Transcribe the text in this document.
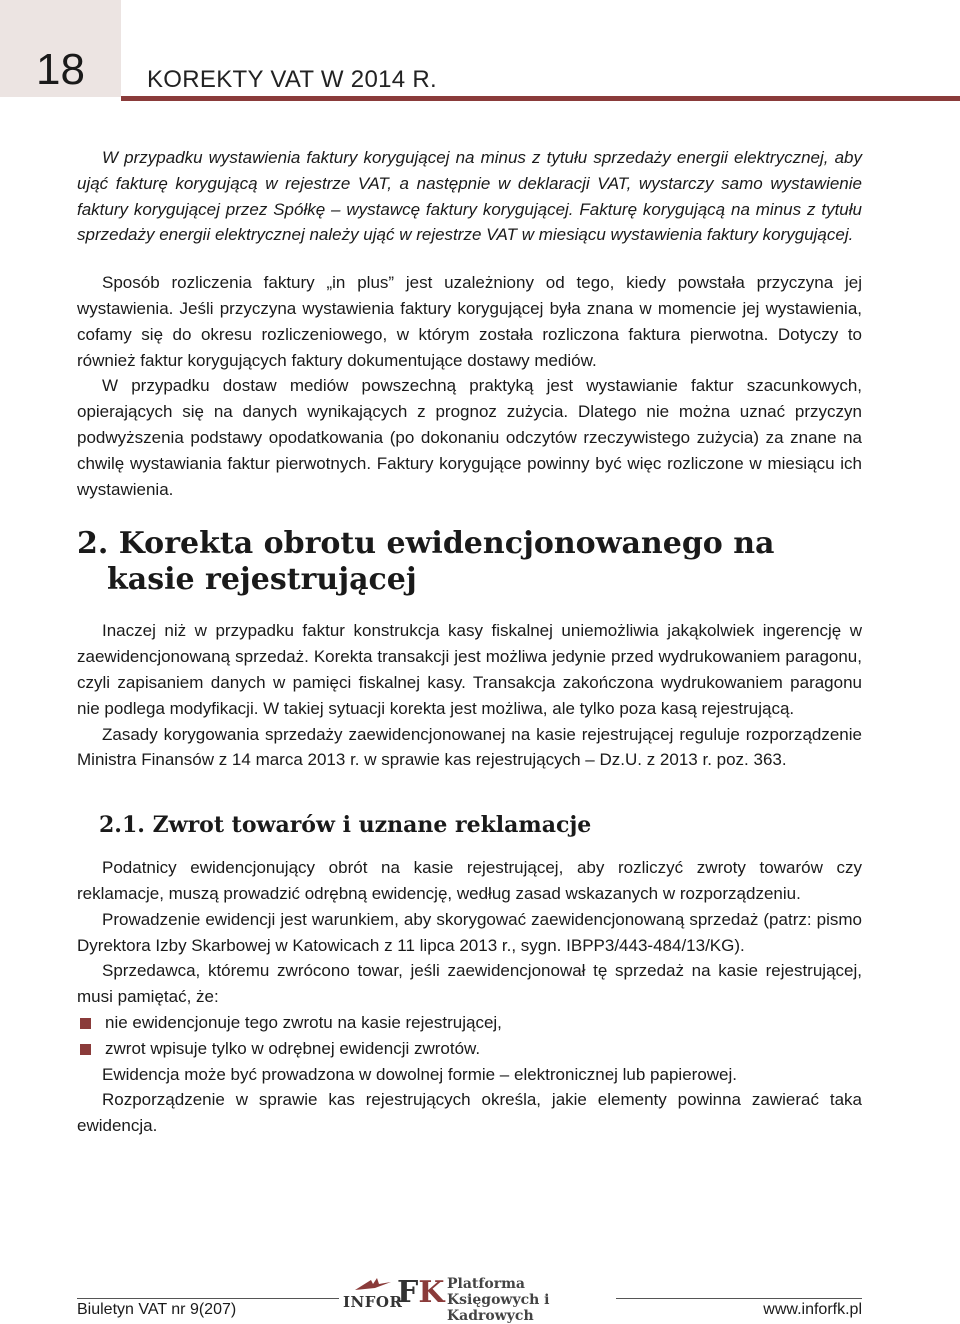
18	KOREKTY VAT W 2014 R.

W przypadku wystawienia faktury korygującej na minus z tytułu sprzedaży energii elektrycznej, aby ująć fakturę korygującą w rejestrze VAT, a następnie w deklaracji VAT, wystarczy samo wystawienie faktury korygującej przez Spółkę – wystawcę faktury korygującej. Fakturę korygującą na minus z tytułu sprzedaży energii elektrycznej należy ująć w rejestrze VAT w miesiącu wystawienia faktury korygującej.

Sposób rozliczenia faktury „in plus” jest uzależniony od tego, kiedy powstała przyczyna jej wystawienia. Jeśli przyczyna wystawienia faktury korygującej była znana w momencie jej wystawienia, cofamy się do okresu rozliczeniowego, w którym została rozliczona faktura pierwotna. Dotyczy to również faktur korygujących faktury dokumentujące dostawy mediów.

W przypadku dostaw mediów powszechną praktyką jest wystawianie faktur szacunkowych, opierających się na danych wynikających z prognoz zużycia. Dlatego nie można uznać przyczyn podwyższenia podstawy opodatkowania (po dokonaniu odczytów rzeczywistego zużycia) za znane na chwilę wystawiania faktur pierwotnych. Faktury korygujące powinny być więc rozliczone w miesiącu ich wystawienia.

2. Korekta obrotu ewidencjonowanego na kasie rejestrującej

Inaczej niż w przypadku faktur konstrukcja kasy fiskalnej uniemożliwia jakąkolwiek ingerencję w zaewidencjonowaną sprzedaż. Korekta transakcji jest możliwa jedynie przed wydrukowaniem paragonu, czyli zapisaniem danych w pamięci fiskalnej kasy. Transakcja zakończona wydrukowaniem paragonu nie podlega modyfikacji. W takiej sytuacji korekta jest możliwa, ale tylko poza kasą rejestrującą.

Zasady korygowania sprzedaży zaewidencjonowanej na kasie rejestrującej reguluje rozporządzenie Ministra Finansów z 14 marca 2013 r. w sprawie kas rejestrujących – Dz.U. z 2013 r. poz. 363.

2.1. Zwrot towarów i uznane reklamacje

Podatnicy ewidencjonujący obrót na kasie rejestrującej, aby rozliczyć zwroty towarów czy reklamacje, muszą prowadzić odrębną ewidencję, według zasad wskazanych w rozporządzeniu.

Prowadzenie ewidencji jest warunkiem, aby skorygować zaewidencjonowaną sprzedaż (patrz: pismo Dyrektora Izby Skarbowej w Katowicach z 11 lipca 2013 r., sygn. IBPP3/443-484/13/KG).

Sprzedawca, któremu zwrócono towar, jeśli zaewidencjonował tę sprzedaż na kasie rejestrującej, musi pamiętać, że:

nie ewidencjonuje tego zwrotu na kasie rejestrującej,
zwrot wpisuje tylko w odrębnej ewidencji zwrotów.

Ewidencja może być prowadzona w dowolnej formie – elektronicznej lub papierowej.

Rozporządzenie w sprawie kas rejestrujących określa, jakie elementy powinna zawierać taka ewidencja.

INFOR
FK Platforma
Księgowych i Kadrowych
Biuletyn VAT nr 9(207)	www.inforfk.pl
